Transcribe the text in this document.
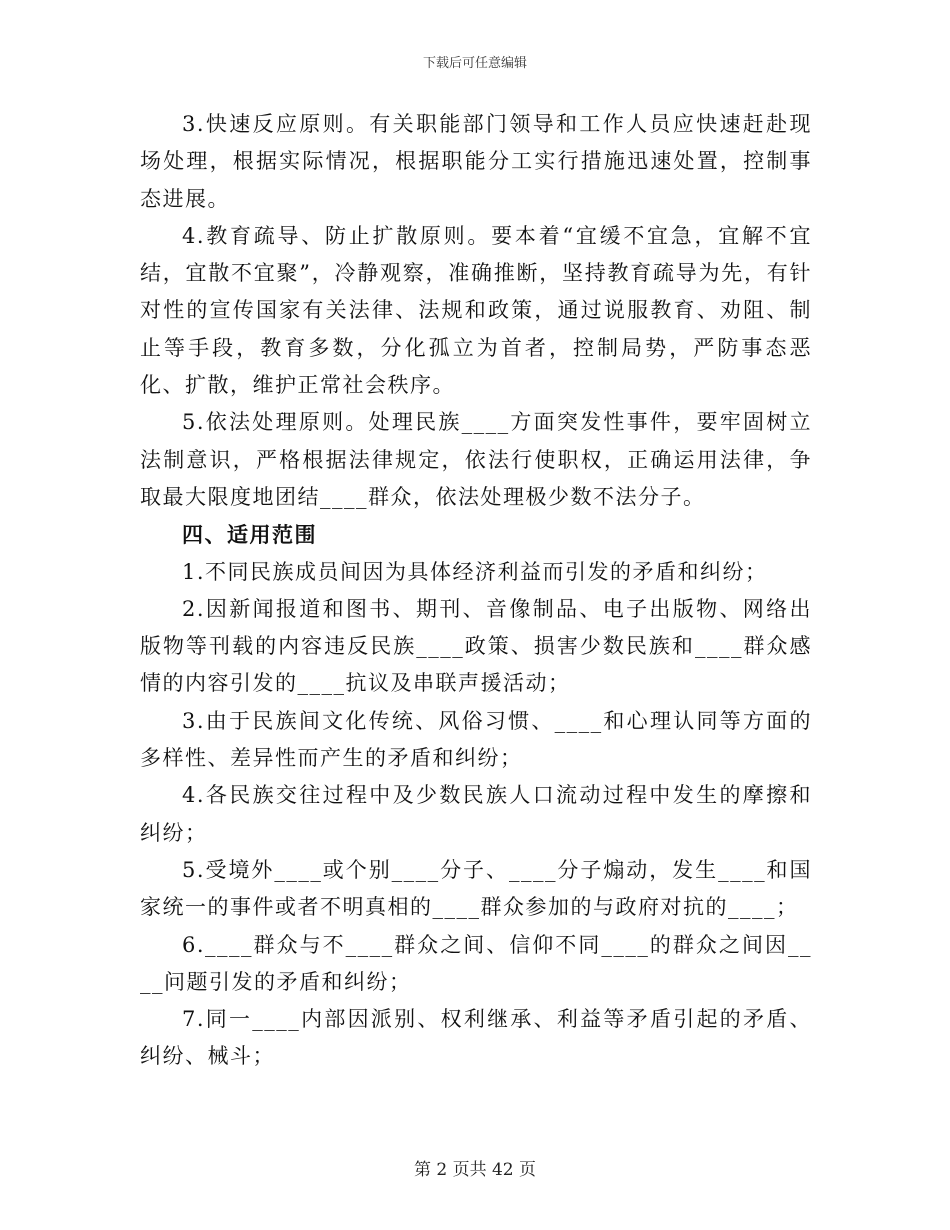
下载后可任意编辑

3.快速反应原则。有关职能部门领导和工作人员应快速赶赴现场处理，根据实际情况，根据职能分工实行措施迅速处置，控制事态进展。

4.教育疏导、防止扩散原则。要本着“宜缓不宜急，宜解不宜结，宜散不宜聚”，冷静观察，准确推断，坚持教育疏导为先，有针对性的宣传国家有关法律、法规和政策，通过说服教育、劝阻、制止等手段，教育多数，分化孤立为首者，控制局势，严防事态恶化、扩散，维护正常社会秩序。

5.依法处理原则。处理民族____方面突发性事件，要牢固树立法制意识，严格根据法律规定，依法行使职权，正确运用法律，争取最大限度地团结____群众，依法处理极少数不法分子。

四、适用范围

1.不同民族成员间因为具体经济利益而引发的矛盾和纠纷；

2.因新闻报道和图书、期刊、音像制品、电子出版物、网络出版物等刊载的内容违反民族____政策、损害少数民族和____群众感情的内容引发的____抗议及串联声援活动；

3.由于民族间文化传统、风俗习惯、____和心理认同等方面的多样性、差异性而产生的矛盾和纠纷；

4.各民族交往过程中及少数民族人口流动过程中发生的摩擦和纠纷；

5.受境外____或个别____分子、____分子煽动，发生____和国家统一的事件或者不明真相的____群众参加的与政府对抗的____；

6.____群众与不____群众之间、信仰不同____的群众之间因____问题引发的矛盾和纠纷；

7.同一____内部因派别、权利继承、利益等矛盾引起的矛盾、纠纷、械斗；

第 2 页共 42 页
